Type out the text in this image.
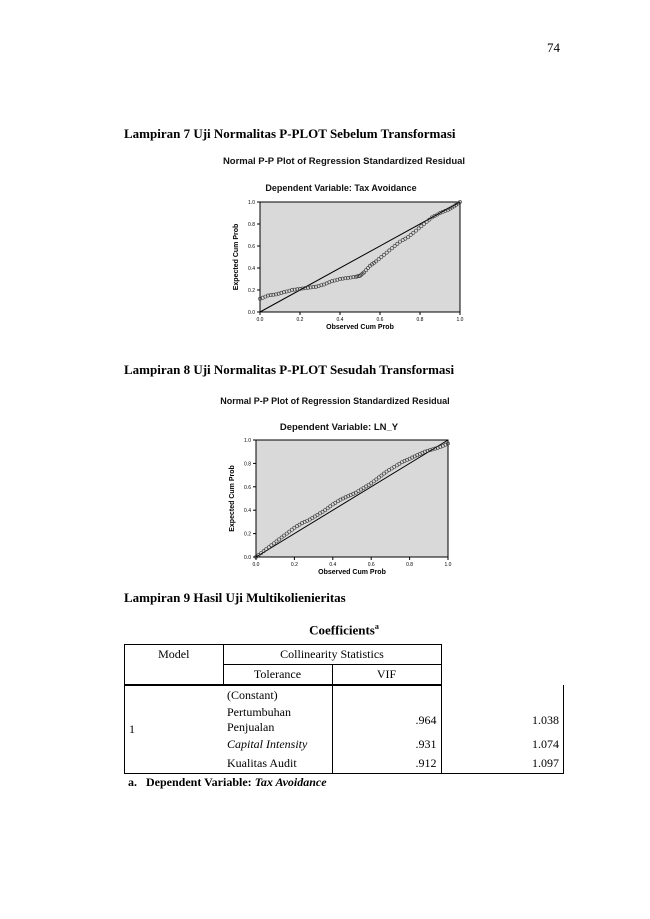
74
Lampiran 7 Uji Normalitas P-PLOT Sebelum Transformasi
Normal P-P Plot of Regression Standardized Residual
Dependent Variable: Tax Avoidance
0.0	0.2	0.4	0.6	0.8	1.0
0.0
0.2
0.4
0.6
0.8
1.0
Observed Cum Prob
Expected Cum Prob
Lampiran 8 Uji Normalitas P-PLOT Sesudah Transformasi
Normal P-P Plot of Regression Standardized Residual
Dependent Variable: LN_Y
0.0	0.2	0.4	0.6	0.8	1.0
0.0
0.2
0.4
0.6
0.8
1.0
Observed Cum Prob
Expected Cum Prob
Lampiran 9 Hasil Uji Multikolienieritas
Coefficients$^a$
Model	Collinearity Statistics		
	Tolerance	VIF	
1	(Constant)		
	Pertumbuhan Penjualan	.964	1.038
	Capital Intensity	.931	1.074
	Kualitas Audit	.912	1.097
a.   Dependent Variable: Tax Avoidance
